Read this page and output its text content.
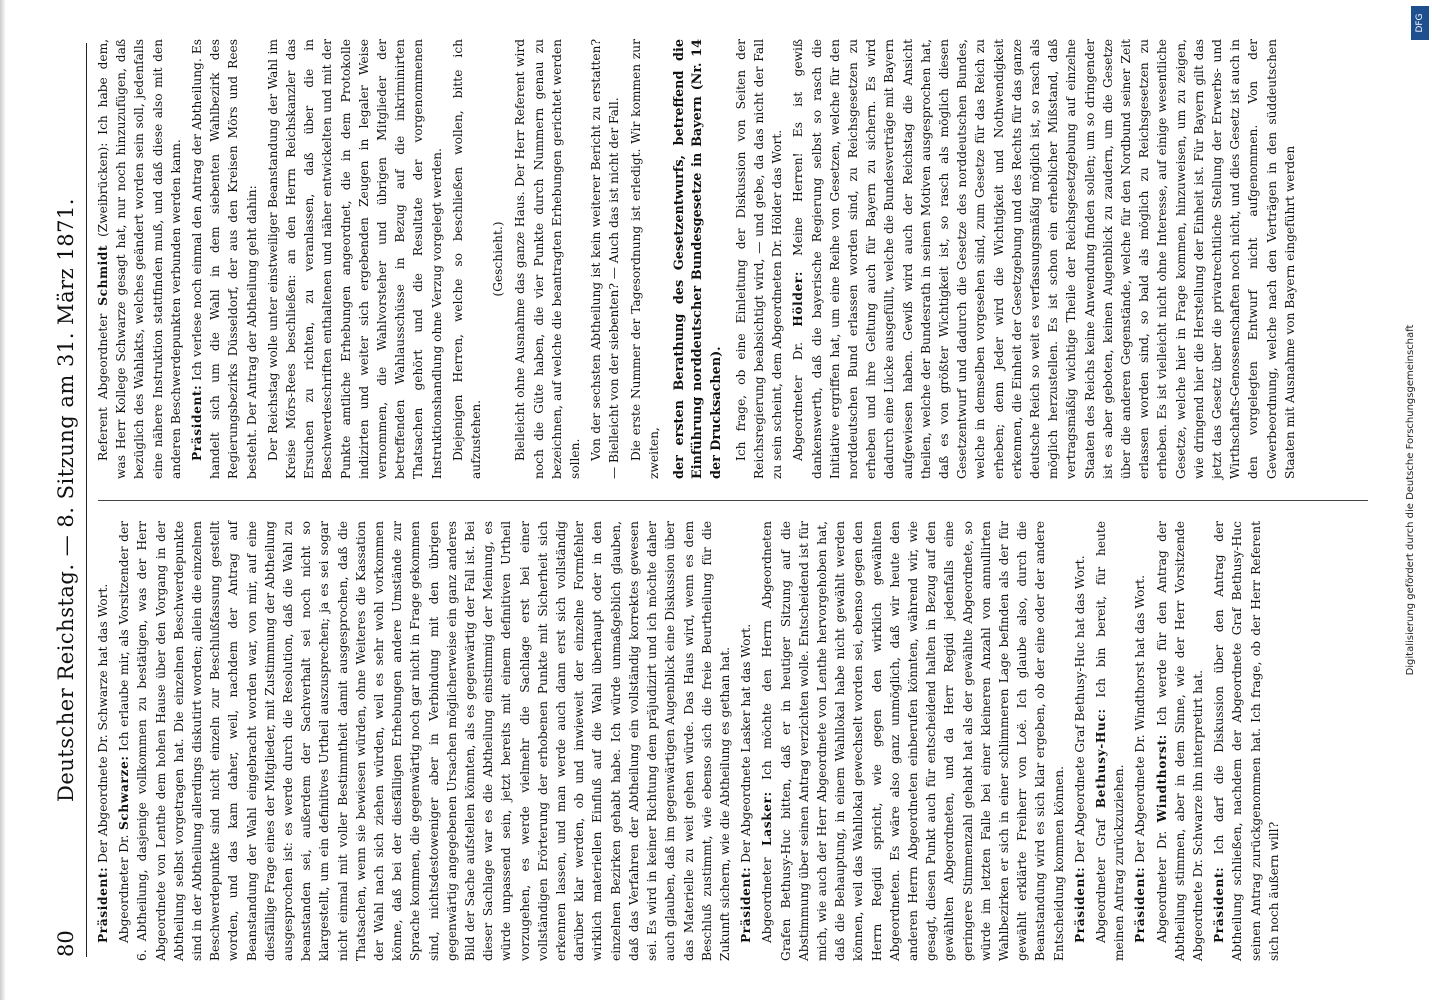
80
Deutscher Reichstag. — 8. Sitzung am 31. März 1871.

Präsident: Der Abgeordnete Dr. Schwarze hat das Wort.

Abgeordneter Dr. Schwarze: Ich erlaube mir, als Vorsitzender der 6. Abtheilung, dasjenige vollkommen zu bestätigen, was der Herr Abgeordnete von Lenthe dem hohen Hause über den Vorgang in der Abtheilung selbst vorgetragen hat. Die einzelnen Beschwerdepunkte sind in der Abtheilung allerdings diskutirt worden; allein die einzelnen Beschwerdepunkte sind nicht einzeln zur Beschlußfassung gestellt worden, und das kam daher, weil, nachdem der Antrag auf Beanstandung der Wahl eingebracht worden war, von mir, auf eine diesfällige Frage eines der Mitglieder, mit Zustimmung der Abtheilung ausgesprochen ist: es werde durch die Resolution, daß die Wahl zu beanstanden sei, außerdem der Sachverhalt sei noch nicht so klargestellt, um ein definitives Urtheil auszusprechen; ja es sei sogar nicht einmal mit voller Bestimmtheit damit ausgesprochen, daß die Thatsachen, wenn sie bewiesen würden, ohne Weiteres die Kassation der Wahl nach sich ziehen würden, weil es sehr wohl vorkommen könne, daß bei der diesfälligen Erhebungen andere Umstände zur Sprache kommen, die gegenwärtig noch gar nicht in Frage gekommen sind, nichtsdestoweniger aber in Verbindung mit den übrigen gegenwärtig angegebenen Ursachen möglicherweise ein ganz anderes Bild der Sache aufstellen könnten, als es gegenwärtig der Fall ist. Bei dieser Sachlage war es die Abtheilung einstimmig der Meinung, es würde unpassend sein, jetzt bereits mit einem definitiven Urtheil vorzugehen, es werde vielmehr die Sachlage erst bei einer vollständigen Erörterung der erhobenen Punkte mit Sicherheit sich erkennen lassen, und man werde auch dann erst sich vollständig darüber klar werden, ob und inwieweit der einzelne Formfehler wirklich materiellen Einfluß auf die Wahl überhaupt oder in den einzelnen Bezirken gehabt habe. Ich würde unmaßgeblich glauben, daß das Verfahren der Abtheilung ein vollständig korrektes gewesen sei. Es wird in keiner Richtung dem präjudizirt und ich möchte daher auch glauben, daß im gegenwärtigen Augenblick eine Diskussion über das Materielle zu weit gehen würde. Das Haus wird, wenn es dem Beschluß zustimmt, wie ebenso sich die freie Beurtheilung für die Zukunft sichern, wie die Abtheilung es gethan hat. Präsident: Der Abgeordnete Lasker hat das Wort.

Abgeordneter Lasker: Ich möchte den Herrn Abgeordneten Grafen Bethusy-Huc bitten, daß er in heutiger Sitzung auf die Abstimmung über seinen Antrag verzichten wolle. Entscheidend ist für mich, wie auch der Herr Abgeordnete von Lenthe hervorgehoben hat, daß die Behauptung, in einem Wahllokal habe nicht gewählt werden können, weil das Wahllokal gewechselt worden sei, ebenso gegen den Herrn Regidi spricht, wie gegen den wirklich gewählten Abgeordneten. Es wäre also ganz unmöglich, daß wir heute den anderen Herrn Abgeordneten einberufen könnten, während wir, wie gesagt, diesen Punkt auch für entscheidend halten in Bezug auf den gewählten Abgeordneten, und da Herr Regidi jedenfalls eine geringere Stimmenzahl gehabt hat als der gewählte Abgeordnete, so würde im letzten Falle bei einer kleineren Anzahl von annullirten Wahlbezirken er sich in einer schlimmeren Lage befinden als der für gewählt erklärte Freiherr von Loë. Ich glaube also, durch die Beanstandung wird es sich klar ergeben, ob der eine oder der andere Entscheidung kommen können. Präsident: Der Abgeordnete Graf Bethusy-Huc hat das Wort.

Abgeordneter Graf Bethusy-Huc: Ich bin bereit, für heute meinen Antrag zurückzuziehen. Präsident: Der Abgeordnete Dr. Windthorst hat das Wort.

Abgeordneter Dr. Windthorst: Ich werde für den Antrag der Abtheilung stimmen, aber in dem Sinne, wie der Herr Vorsitzende Abgeordnete Dr. Schwarze ihn interpretirt hat. Präsident: Ich darf die Diskussion über den Antrag der Abtheilung schließen, nachdem der Abgeordnete Graf Bethusy-Huc seinen Antrag zurückgenommen hat. Ich frage, ob der Herr Referent sich noch äußern will?

Referent Abgeordneter Schmidt (Zweibrücken): Ich habe dem, was Herr Kollege Schwarze gesagt hat, nur noch hinzuzufügen, daß bezüglich des Wahlakts, welches geändert worden sein soll, jedenfalls eine nähere Instruktion stattfinden muß, und daß diese also mit den anderen Beschwerdepunkten verbunden werden kann. Präsident: Ich verlese noch einmal den Antrag der Abtheilung. Es handelt sich um die Wahl in dem siebenten Wahlbezirk des Regierungsbezirks Düsseldorf, der aus den Kreisen Mörs und Rees besteht. Der Antrag der Abtheilung geht dahin: Der Reichstag wolle unter einstweiliger Beanstandung der Wahl im Kreise Mörs-Rees beschließen: an den Herrn Reichskanzler das Ersuchen zu richten, zu veranlassen, daß über die in Beschwerdeschriften enthaltenen und näher entwickelten und mit der Punkte amtliche Erhebungen angeordnet, die in dem Protokolle indizirten und weiter sich ergebenden Zeugen in legaler Weise vernommen, die Wahlvorsteher und übrigen Mitglieder der betreffenden Wahlausschüsse in Bezug auf die inkriminirten Thatsachen gehört und die Resultate der vorgenommenen Instruktionshandlung ohne Verzug vorgelegt werden. Diejenigen Herren, welche so beschließen wollen, bitte ich aufzustehen.

(Geschieht.) Bielleicht ohne Ausnahme das ganze Haus. Der Herr Referent wird noch die Güte haben, die vier Punkte durch Nummern genau zu bezeichnen, auf welche die beantragten Erhebungen gerichtet werden sollen. Von der sechsten Abtheilung ist kein weiterer Bericht zu erstatten? — Bielleicht von der siebenten? — Auch das ist nicht der Fall. Die erste Nummer der Tagesordnung ist erledigt. Wir kommen zur zweiten, der ersten Berathung des Gesetzentwurfs, betreffend die Einführung norddeutscher Bundesgesetze in Bayern (Nr. 14 der Drucksachen). Ich frage, ob eine Einleitung der Diskussion von Seiten der Reichsregierung beabsichtigt wird, — und gebe, da das nicht der Fall zu sein scheint, dem Abgeordneten Dr. Hölder das Wort. Abgeordneter Dr. Hölder: Meine Herren! Es ist gewiß dankenswerth, daß die bayerische Regierung selbst so rasch die Initiative ergriffen hat, um eine Reihe von Gesetzen, welche für den norddeutschen Bund erlassen worden sind, zu Reichsgesetzen zu erheben und ihre Geltung auch für Bayern zu sichern. Es wird dadurch eine Lücke ausgefüllt, welche die Bundesverträge mit Bayern aufgewiesen haben. Gewiß wird auch der Reichstag die Ansicht theilen, welche der Bundesrath in seinen Motiven ausgesprochen hat, daß es von größter Wichtigkeit ist, so rasch als möglich diesen Gesetzentwurf und dadurch die Gesetze des norddeutschen Bundes, welche in demselben vorgesehen sind, zum Gesetze für das Reich zu erheben; denn Jeder wird die Wichtigkeit und Nothwendigkeit erkennen, die Einheit der Gesetzgebung und des Rechts für das ganze deutsche Reich so weit es verfassungsmäßig möglich ist, so rasch als möglich herzustellen. Es ist schon ein erheblicher Mißstand, daß vertragsmäßig wichtige Theile der Reichsgesetzgebung auf einzelne Staaten des Reichs keine Anwendung finden sollen; um so dringender ist es aber geboten, keinen Augenblick zu zaudern, um die Gesetze über die anderen Gegenstände, welche für den Nordbund seiner Zeit erlassen worden sind, so bald als möglich zu Reichsgesetzen zu erheben. Es ist vielleicht nicht ohne Interesse, auf einige wesentliche Gesetze, welche hier in Frage kommen, hinzuweisen, um zu zeigen, wie dringend hier die Herstellung der Einheit ist. Für Bayern gilt das jetzt das Gesetz über die privatrechtliche Stellung der Erwerbs- und Wirthschafts-Genossenschaften noch nicht, und dies Gesetz ist auch in den vorgelegten Entwurf nicht aufgenommen. Von der Gewerbeordnung, welche nach den Verträgen in den süddeutschen Staaten mit Ausnahme von Bayern eingeführt werden

Digitalisierung gefördert durch die Deutsche Forschungsgemeinschaft
DFG
